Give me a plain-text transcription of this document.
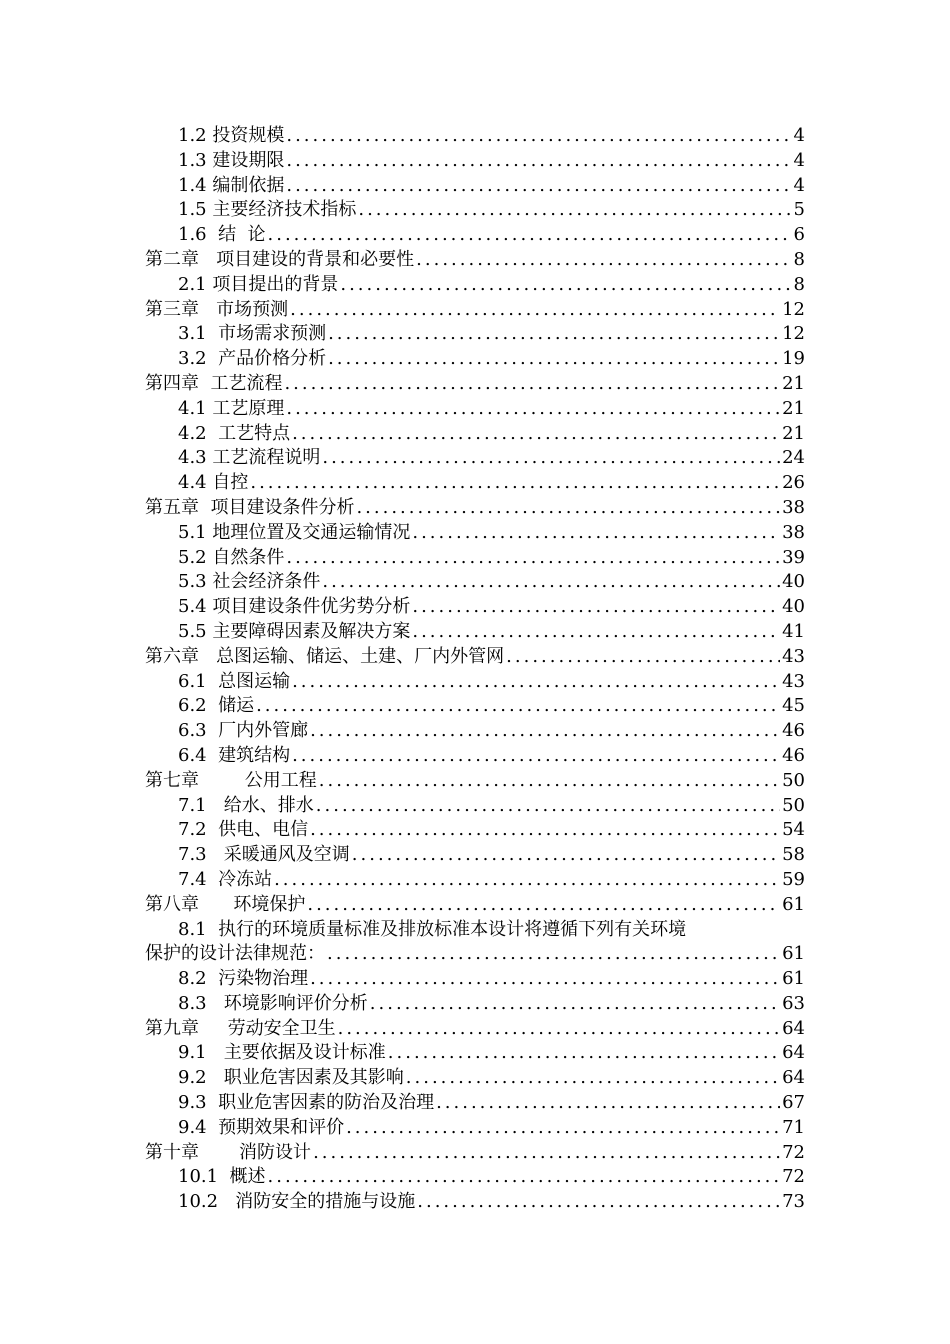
1.2 投资规模 .....	4
1.3 建设期限 .....	4
1.4 编制依据 .....	4
1.5 主要经济技术指标 .....	5
1.6  结  论 .....	6
第二章   项目建设的背景和必要性 .....	8
2.1 项目提出的背景 .....	8
第三章   市场预测 .....	12
3.1  市场需求预测 .....	12
3.2  产品价格分析 .....	19
第四章  工艺流程 .....	21
4.1 工艺原理 .....	21
4.2  工艺特点 .....	21
4.3 工艺流程说明 .....	24
4.4 自控 .....	26
第五章  项目建设条件分析 .....	38
5.1 地理位置及交通运输情况 .....	38
5.2 自然条件 .....	39
5.3 社会经济条件 .....	40
5.4 项目建设条件优劣势分析 .....	40
5.5 主要障碍因素及解决方案 .....	41
第六章   总图运输、储运、土建、厂内外管网 .....	43
6.1  总图运输 .....	43
6.2  储运 .....	45
6.3  厂内外管廊 .....	46
6.4  建筑结构 .....	46
第七章        公用工程 .....	50
7.1   给水、排水 .....	50
7.2  供电、电信 .....	54
7.3   采暖通风及空调 .....	58
7.4  冷冻站 .....	59
第八章      环境保护 .....	61
8.1  执行的环境质量标准及排放标准本设计将遵循下列有关环境
保护的设计法律规范： .....	61
8.2  污染物治理 .....	61
8.3   环境影响评价分析 .....	63
第九章     劳动安全卫生 .....	64
9.1   主要依据及设计标准 .....	64
9.2   职业危害因素及其影响 .....	64
9.3  职业危害因素的防治及治理 .....	67
9.4  预期效果和评价 .....	71
第十章       消防设计 .....	72
10.1  概述 .....	72
10.2   消防安全的措施与设施 .....	73
